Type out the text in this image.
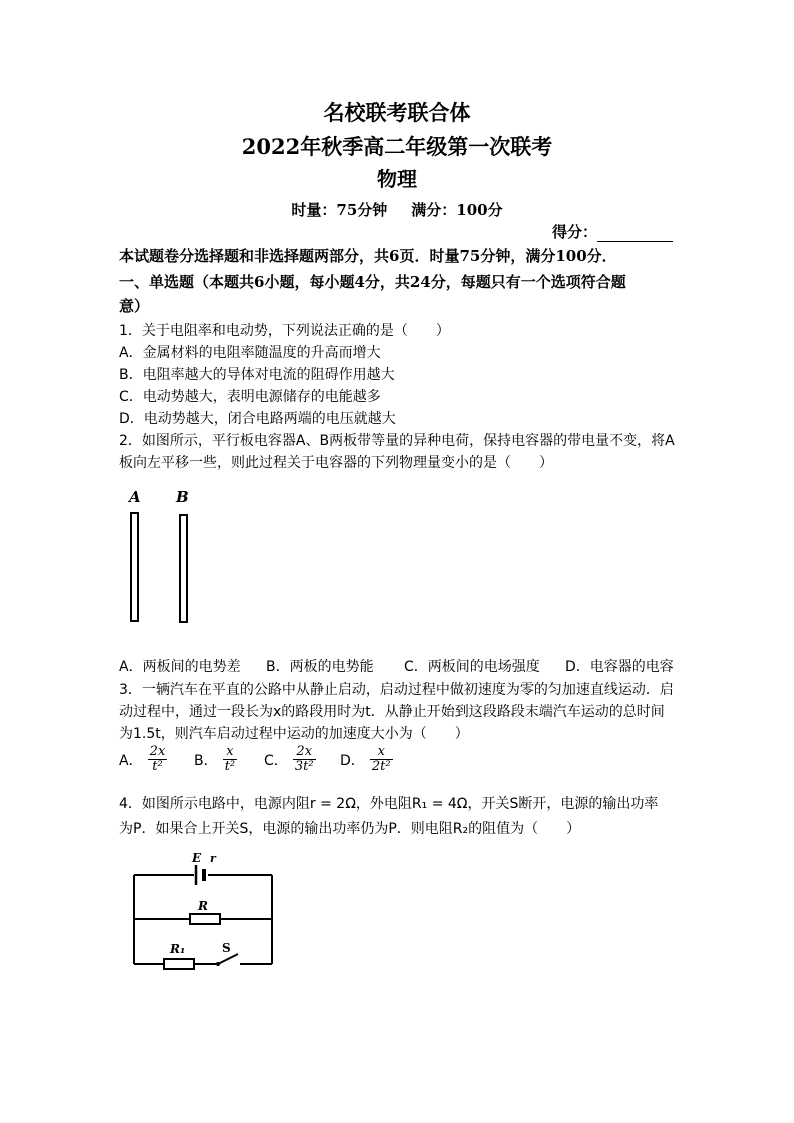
名校联考联合体
2022年秋季高二年级第一次联考
物理
时量：75分钟 满分：100分
得分：
本试题卷分选择题和非选择题两部分，共6页．时量75分钟，满分100分．
一、单选题（本题共6小题，每小题4分，共24分，每题只有一个选项符合题
意）
1．关于电阻率和电动势，下列说法正确的是（　　）
A．金属材料的电阻率随温度的升高而增大
B．电阻率越大的导体对电流的阻碍作用越大
C．电动势越大，表明电源储存的电能越多
D．电动势越大，闭合电路两端的电压就越大
2．如图所示，平行板电容器A、B两板带等量的异种电荷，保持电容器的带电量不变，将A
板向左平移一些，则此过程关于电容器的下列物理量变小的是（　　）
A B
A．两板间的电势差 B．两板的电势能 C．两板间的电场强度 D．电容器的电容
3．一辆汽车在平直的公路中从静止启动，启动过程中做初速度为零的匀加速直线运动．启
动过程中，通过一段长为x的路段用时为t．从静止开始到这段路段末端汽车运动的总时间
为1.5t，则汽车启动过程中运动的加速度大小为（　　）
A． $\frac{2x}{\text{t²}}$ B． $\frac{x}{\text{t²}}$ C． $\frac{2x}{\text{3t²}}$ D． $\frac{x}{\text{2t²}}$
4．如图所示电路中，电源内阻r = 2Ω，外电阻R₁ = 4Ω，开关S断开，电源的输出功率
为P．如果合上开关S，电源的输出功率仍为P．则电阻R₂的阻值为（　　）
E r
R
R₁	S
